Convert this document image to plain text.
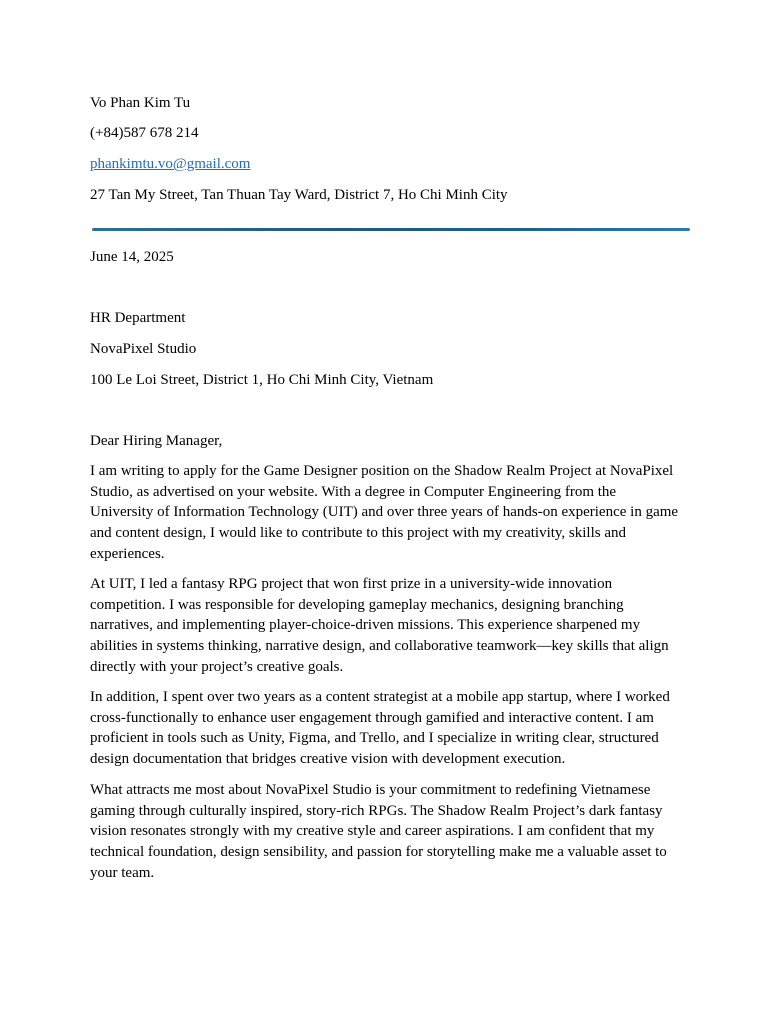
Vo Phan Kim Tu
(+84)587 678 214
phankimtu.vo@gmail.com
27 Tan My Street, Tan Thuan Tay Ward, District 7, Ho Chi Minh City
June 14, 2025
HR Department
NovaPixel Studio
100 Le Loi Street, District 1, Ho Chi Minh City, Vietnam
Dear Hiring Manager,

I am writing to apply for the Game Designer position on the Shadow Realm Project at NovaPixel Studio, as advertised on your website. With a degree in Computer Engineering from the University of Information Technology (UIT) and over three years of hands-on experience in game and content design, I would like to contribute to this project with my creativity, skills and experiences.

At UIT, I led a fantasy RPG project that won first prize in a university-wide innovation competition. I was responsible for developing gameplay mechanics, designing branching narratives, and implementing player-choice-driven missions. This experience sharpened my abilities in systems thinking, narrative design, and collaborative teamwork—key skills that align directly with your project’s creative goals.

In addition, I spent over two years as a content strategist at a mobile app startup, where I worked cross-functionally to enhance user engagement through gamified and interactive content. I am proficient in tools such as Unity, Figma, and Trello, and I specialize in writing clear, structured design documentation that bridges creative vision with development execution.

What attracts me most about NovaPixel Studio is your commitment to redefining Vietnamese gaming through culturally inspired, story-rich RPGs. The Shadow Realm Project’s dark fantasy vision resonates strongly with my creative style and career aspirations. I am confident that my technical foundation, design sensibility, and passion for storytelling make me a valuable asset to your team.
